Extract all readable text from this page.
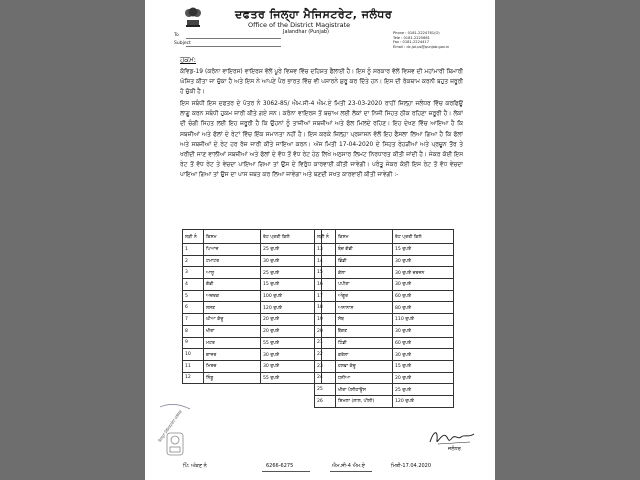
ਦਫਤਰ ਜਿਲ੍ਹਾ ਮੈਜਿਸਟਰੇਟ, ਜਲੰਧਰ
Office of the District Magistrate
Jalandhar (Punjab)
To
Subject
Phone : 0181-2224781(O)
Tele : 0181-2225661
Fax : 0181-2224417
Email : dc.jal.ps@punjab.gov.in
ਹੁਕਮ:
ਕੋਵਿਡ-19 (ਕਰੋਨਾ ਵਾਇਰਸ) ਵਾਇਰਸ ਵੱਲੋਂ ਪੂਰੇ ਵਿਸ਼ਵ ਵਿੱਚ ਦਹਿਸ਼ਤ ਫੈਲਾਈ ਹੈ। ਇਸ ਨੂੰ ਸਰਕਾਰ ਵੱਲੋਂ ਵਿਸ਼ਵ ਦੀ ਮਹਾਂਮਾਰੀ ਬਿਮਾਰੀ ਘੋਸ਼ਿਤ ਕੀਤਾ ਜਾ ਚੁੱਕਾ ਹੈ ਅਤੇ ਇਸ ਨੇ ਆਪਣੇ ਪੈਰ ਭਾਰਤ ਵਿੱਚ ਵੀ ਪਸਾਰਨੇ ਸ਼ੁਰੂ ਕਰ ਦਿੱਤੇ ਹਨ। ਇਸ ਦੀ ਰੋਕਥਾਮ ਕਰਨੀ ਬਹੁਤ ਜ਼ਰੂਰੀ ਹੋ ਚੁੱਕੀ ਹੈ।
ਇਸ ਸਬੰਧੀ ਇਸ ਦਫਤਰ ਦੇ ਪੱਤਰ ਨੰ 3062-85/ ਐਮ.ਸੀ-4 ਐਮ.ਏ ਮਿਤੀ 23-03-2020 ਰਾਹੀਂ ਜ਼ਿਲ੍ਹਾ ਜਲੰਧਰ ਵਿੱਚ ਕਰਫਿਊ ਲਾਗੂ ਕਰਨ ਸਬੰਧੀ ਹੁਕਮ ਜਾਰੀ ਕੀਤੇ ਗਏ ਸਨ। ਕਰੋਨਾ ਵਾਇਰਸ ਤੋਂ ਬਚਾਅ ਲਈ ਲੋਕਾਂ ਦਾ ਨਿਜੀ ਸਿਹਤ ਠੀਕ ਰਹਿਣਾ ਜ਼ਰੂਰੀ ਹੈ। ਲੋਕਾਂ ਦੀ ਚੰਗੀ ਸਿਹਤ ਲਈ ਇਹ ਜ਼ਰੂਰੀ ਹੈ ਕਿ ਉਹਨਾਂ ਨੂੰ ਤਾਜ਼ੀਆਂ ਸਬਜ਼ੀਆਂ ਅਤੇ ਫੱਲ ਮਿਲਦੇ ਰਹਿਣ। ਇਹ ਦੇਖਣ ਵਿੱਚ ਆਇਆ ਹੈ ਕਿ ਸਬਜ਼ੀਆਂ ਅਤੇ ਫੱਲਾਂ ਦੇ ਰੇਟਾਂ ਵਿੱਚ ਇੱਕ ਸਮਾਨਤਾ ਨਹੀਂ ਹੈ। ਇਸ ਕਰਕੇ ਜ਼ਿਲ੍ਹਾ ਪ੍ਰਸ਼ਾਸਨ ਵੱਲੋਂ ਇਹ ਫੈਸਲਾ ਲਿਆ ਗਿਆ ਹੈ ਕਿ ਫੱਲਾਂ ਅਤੇ ਸਬਜ਼ੀਆਂ ਦੇ ਰੇਟ ਹਰ ਰੋਜ਼ ਜਾਰੀ ਕੀਤੇ ਜਾਇਆ ਕਰਨ। ਅੱਜ ਮਿਤੀ 17-04-2020 ਦੇ ਸਿਹਤ ਰੇਹੜੀਆਂ ਅਤੇ ਪ੍ਰਚੂਨ ਤੌਰ ਤੇ ਖਰੀਦੀ ਜਾਣ ਵਾਲੀਆਂ ਸਬਜ਼ੀਆਂ ਅਤੇ ਫੱਲਾਂ ਦੇ ਵੱਧ ਤੋਂ ਵੱਧ ਰੇਟ ਹੇਠ ਲਿਖੇ ਅਨੁਸਾਰ ਲਿਮਟ ਨਿਰਧਾਰਤ ਕੀਤੀ ਜਾਂਦੀ ਹੈ। ਜੇਕਰ ਕੋਈ ਇਸ ਰੇਟ ਤੋਂ ਵੱਧ ਰੇਟ ਤੇ ਵੇਚਦਾ ਪਾਇਆ ਗਿਆ ਤਾਂ ਉਸ ਦੇ ਵਿਰੁੱਧ ਕਾਰਵਾਈ ਕੀਤੀ ਜਾਵੇਗੀ। ਪਰੰਤੂ ਜੇਕਰ ਕੋਈ ਇਸ ਰੇਟ ਤੋਂ ਵੱਧ ਵੇਚਦਾ ਪਾਇਆ ਗਿਆ ਤਾਂ ਉਸ ਦਾ ਪਾਸ ਜ਼ਬਤ ਕਰ ਲਿਆ ਜਾਵੇਗਾ ਅਤੇ ਬਣਦੀ ਸਖਤ ਕਾਰਵਾਈ ਕੀਤੀ ਜਾਵੇਗੀ :-
ਲੜੀ ਨੰ	ਕਿਸਮ	ਰੇਟ ਪ੍ਰਤੀ ਕਿਲੋ
1	ਪਿਆਜ਼	25 ਰੁਪਏ
2	ਟਮਾਟਰ	30 ਰੁਪਏ
3	ਆਲੂ	25 ਰੁਪਏ
4	ਗੋਭੀ	15 ਰੁਪਏ
5	ਅਦਰਕ	100 ਰੁਪਏ
6	ਲਸਣ	120 ਰੁਪਏ
7	ਘੀਆ ਕੱਦੂ	20 ਰੁਪਏ
8	ਖੀਰਾ	20 ਰੁਪਏ
9	ਮਟਰ	55 ਰੁਪਏ
10	ਗਾਜਰ	30 ਰੁਪਏ
11	ਮਿਰਚ	30 ਰੁਪਏ
12	ਨਿੰਬੂ	55 ਰੁਪਏ
ਲੜੀ ਨੰ	ਕਿਸਮ	ਰੇਟ ਪ੍ਰਤੀ ਕਿਲੋ
13	ਬੰਦ ਗੋਭੀ	15 ਰੁਪਏ
14	ਭਿੰਡੀ	30 ਰੁਪਏ
15	ਕੇਲਾ	30 ਰੁਪਏ ਦਰਜਨ
16	ਪਪੀਤਾ	30 ਰੁਪਏ
17	ਅੰਗੂਰ	60 ਰੁਪਏ
18	ਅਨਾਨਾਸ	80 ਰੁਪਏ
19	ਸੇਬ	110 ਰੁਪਏ
20	ਬੈਂਗਣ	30 ਰੁਪਏ
21	ਟਿੰਡੀ	60 ਰੁਪਏ
22	ਕਰੇਲਾ	30 ਰੁਪਏ
23	ਹਲਵਾ ਕੱਦੂ	15 ਰੁਪਏ
24	ਧਨੀਆ	20 ਰੁਪਏ
25	ਖੀਰਾ ਪੋਲੀਹਾਊਸ	25 ਰੁਪਏ
26	ਸ਼ਿਮਲਾ (ਲਾਲ, ਪੀਲੀ)	120 ਰੁਪਏ
ਜਿਲ੍ਹਾ ਮੈਜਿਸਟਰੇਟ ਜਲੰਧਰ
ਜਲੰਧਰ
ਪਿੰ: ਅੰਕਣ ਨੰ	6266-6275	ਐਮ.ਸੀ-4 ਐਮ.ਏ	ਮਿਤੀ-17.04.2020
